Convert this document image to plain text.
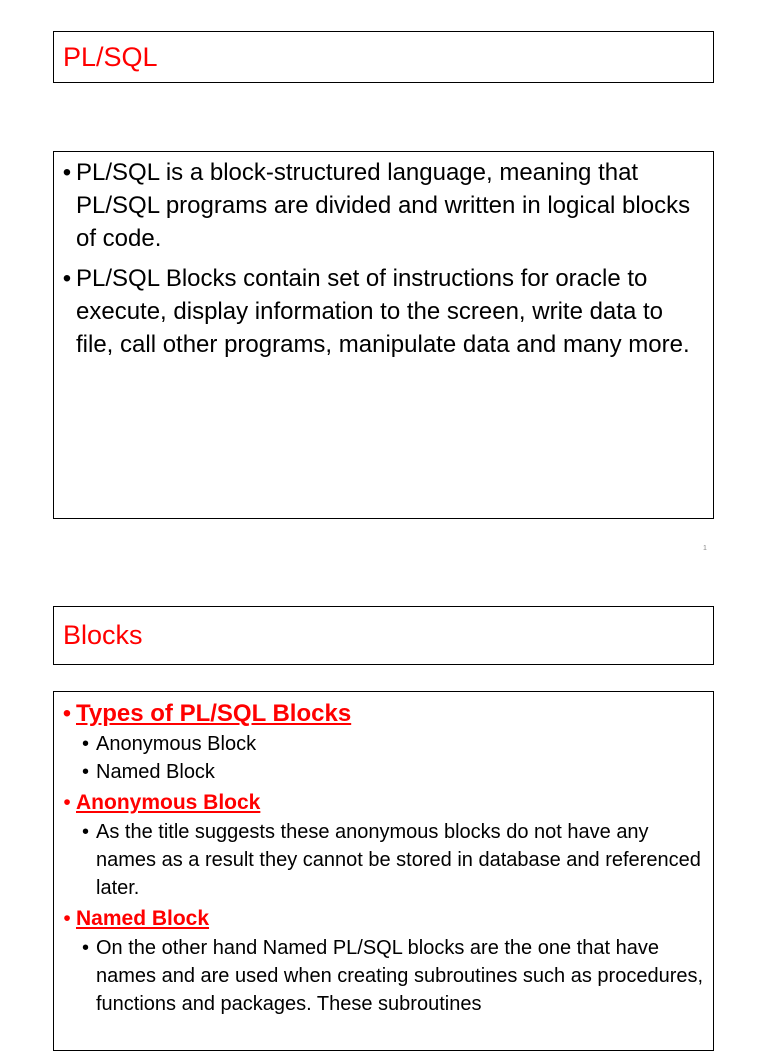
PL/SQL
• PL/SQL is a block-structured language, meaning that PL/SQL programs are divided and written in logical blocks of code.
• PL/SQL Blocks contain set of instructions for oracle to execute, display information to the screen, write data to file, call other programs, manipulate data and many more.
1
Blocks
• Types of PL/SQL Blocks
• Anonymous Block
• Named Block
• Anonymous Block
• As the title suggests these anonymous blocks do not have any names as a result they cannot be stored in database and referenced later.
• Named Block
• On the other hand Named PL/SQL blocks are the one that have names and are used when creating subroutines such as procedures, functions and packages. These subroutines
